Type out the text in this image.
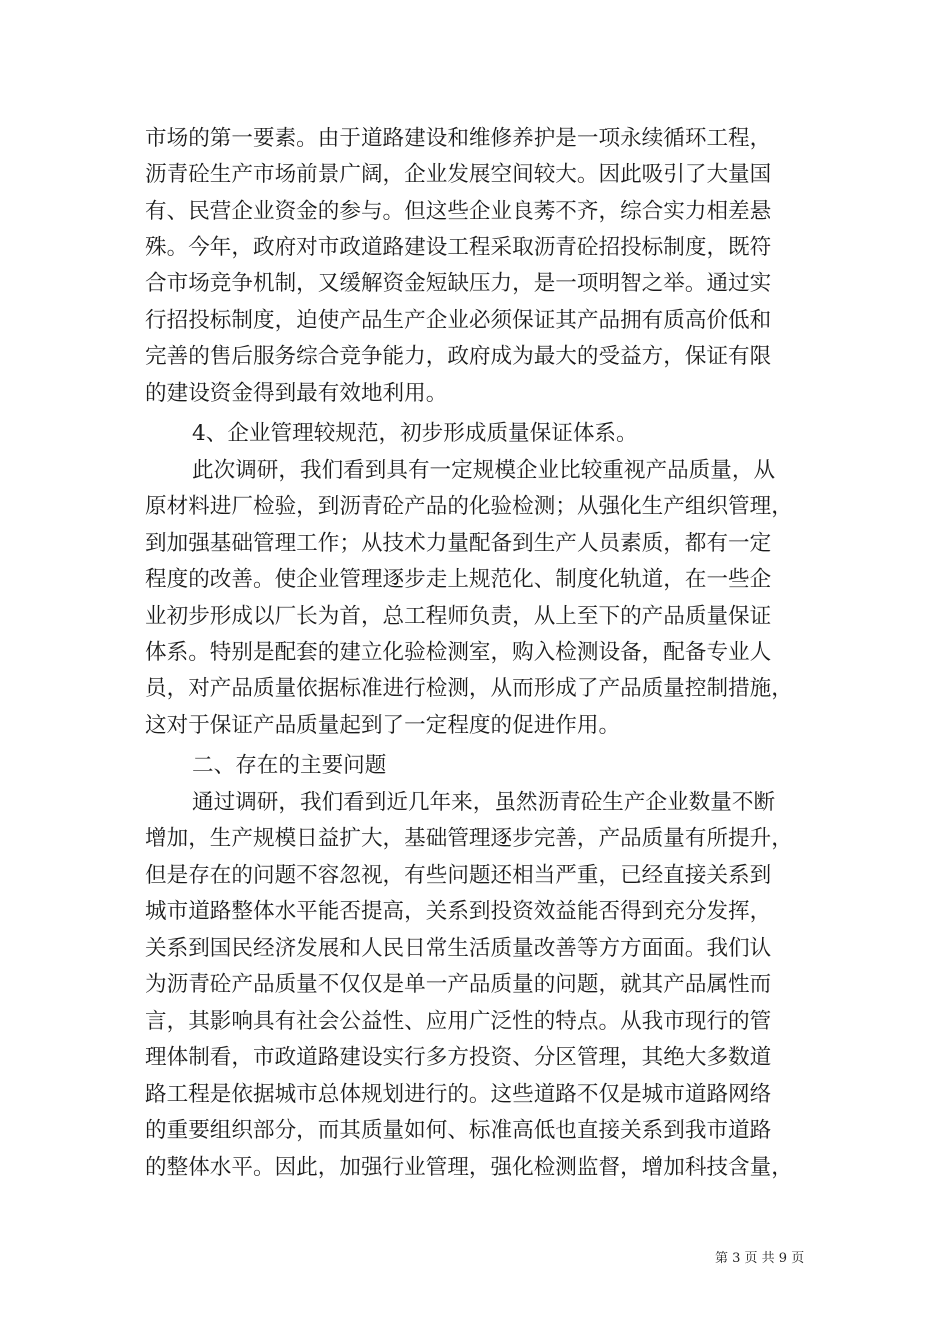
市场的第一要素。由于道路建设和维修养护是一项永续循环工程，
沥青砼生产市场前景广阔，企业发展空间较大。因此吸引了大量国
有、民营企业资金的参与。但这些企业良莠不齐，综合实力相差悬
殊。今年，政府对市政道路建设工程采取沥青砼招投标制度，既符
合市场竞争机制，又缓解资金短缺压力，是一项明智之举。通过实
行招投标制度，迫使产品生产企业必须保证其产品拥有质高价低和
完善的售后服务综合竞争能力，政府成为最大的受益方，保证有限
的建设资金得到最有效地利用。
4、企业管理较规范，初步形成质量保证体系。
此次调研，我们看到具有一定规模企业比较重视产品质量，从
原材料进厂检验，到沥青砼产品的化验检测；从强化生产组织管理，
到加强基础管理工作；从技术力量配备到生产人员素质，都有一定
程度的改善。使企业管理逐步走上规范化、制度化轨道，在一些企
业初步形成以厂长为首，总工程师负责，从上至下的产品质量保证
体系。特别是配套的建立化验检测室，购入检测设备，配备专业人
员，对产品质量依据标准进行检测，从而形成了产品质量控制措施，
这对于保证产品质量起到了一定程度的促进作用。
二、存在的主要问题
通过调研，我们看到近几年来，虽然沥青砼生产企业数量不断
增加，生产规模日益扩大，基础管理逐步完善，产品质量有所提升，
但是存在的问题不容忽视，有些问题还相当严重，已经直接关系到
城市道路整体水平能否提高，关系到投资效益能否得到充分发挥，
关系到国民经济发展和人民日常生活质量改善等方方面面。我们认
为沥青砼产品质量不仅仅是单一产品质量的问题，就其产品属性而
言，其影响具有社会公益性、应用广泛性的特点。从我市现行的管
理体制看，市政道路建设实行多方投资、分区管理，其绝大多数道
路工程是依据城市总体规划进行的。这些道路不仅是城市道路网络
的重要组织部分，而其质量如何、标准高低也直接关系到我市道路
的整体水平。因此，加强行业管理，强化检测监督，增加科技含量，
第 3 页 共 9 页
